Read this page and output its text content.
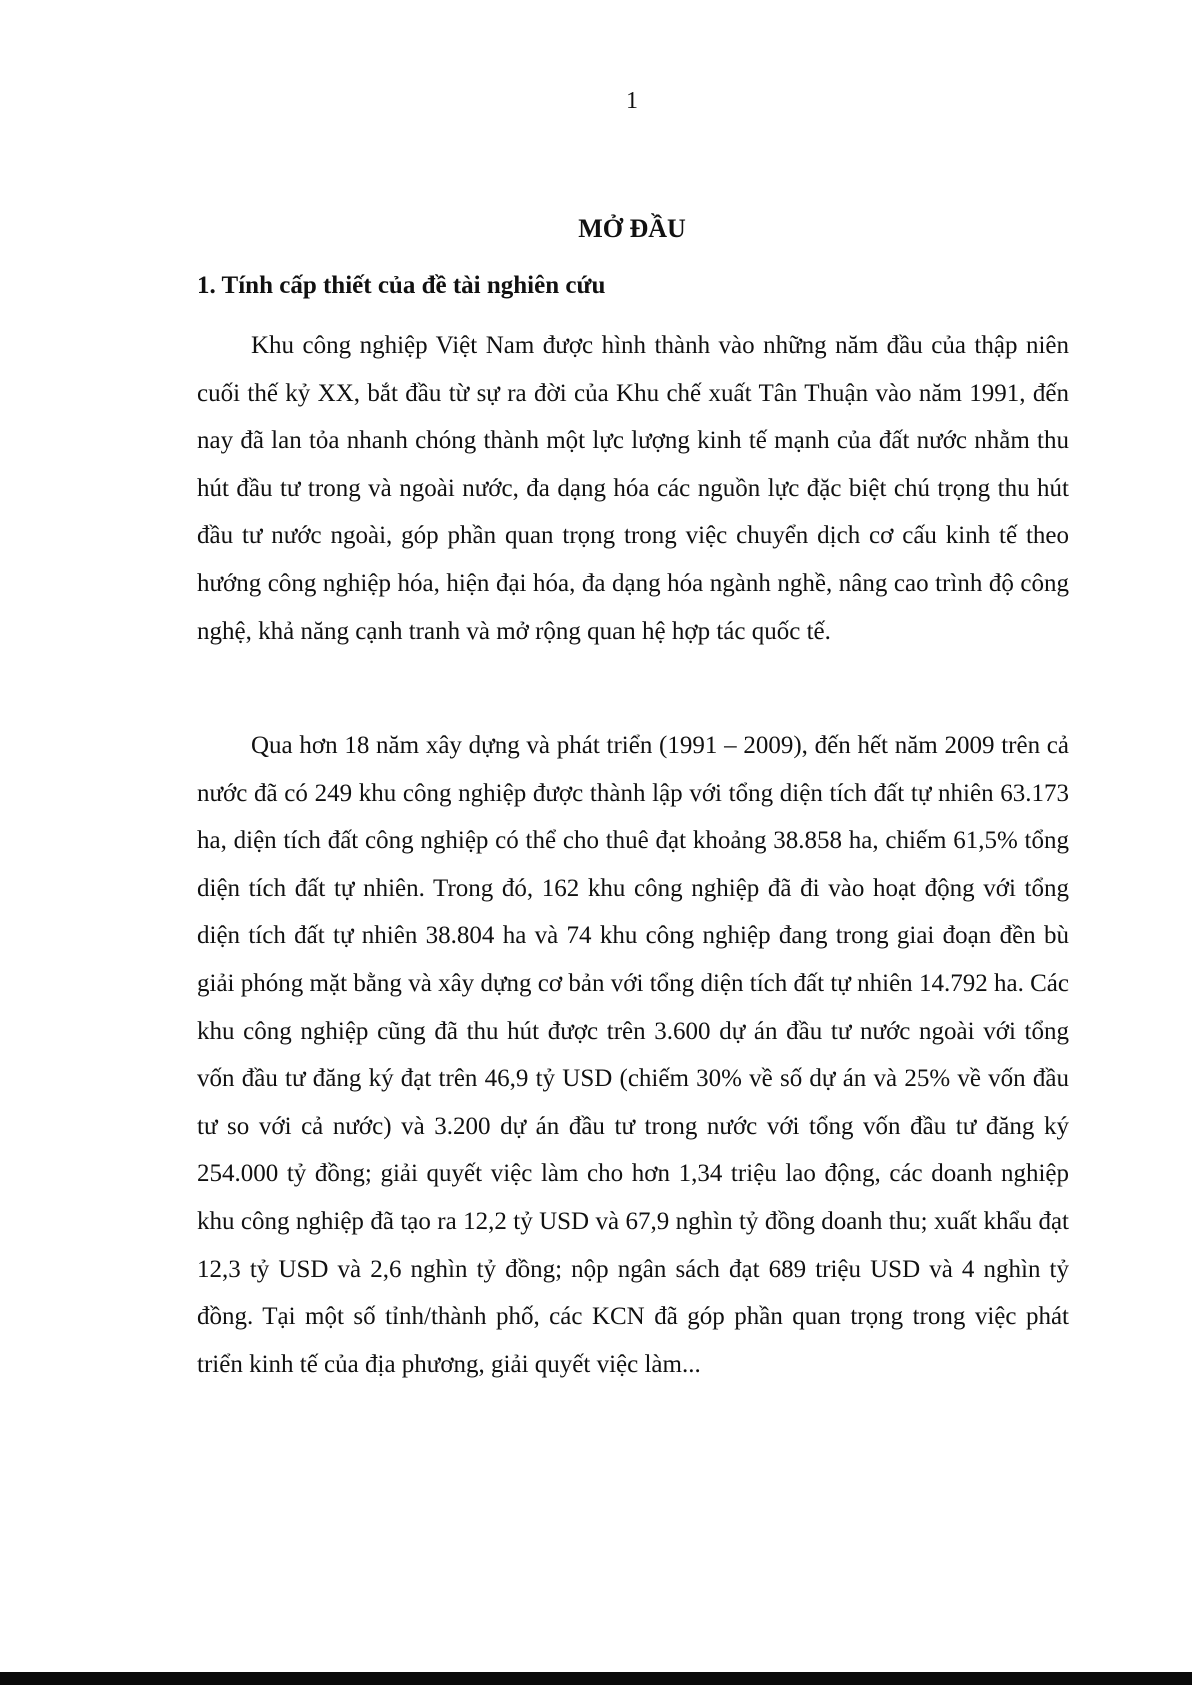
1
MỞ ĐẦU
1. Tính cấp thiết của đề tài nghiên cứu

Khu công nghiệp Việt Nam được hình thành vào những năm đầu của thập niên cuối thế kỷ XX, bắt đầu từ sự ra đời của Khu chế xuất Tân Thuận vào năm 1991, đến nay đã lan tỏa nhanh chóng thành một lực lượng kinh tế mạnh của đất nước nhằm thu hút đầu tư trong và ngoài nước, đa dạng hóa các nguồn lực đặc biệt chú trọng thu hút đầu tư nước ngoài, góp phần quan trọng trong việc chuyển dịch cơ cấu kinh tế theo hướng công nghiệp hóa, hiện đại hóa, đa dạng hóa ngành nghề, nâng cao trình độ công nghệ, khả năng cạnh tranh và mở rộng quan hệ hợp tác quốc tế.

Qua hơn 18 năm xây dựng và phát triển (1991 – 2009), đến hết năm 2009 trên cả nước đã có 249 khu công nghiệp được thành lập với tổng diện tích đất tự nhiên 63.173 ha, diện tích đất công nghiệp có thể cho thuê đạt khoảng 38.858 ha, chiếm 61,5% tổng diện tích đất tự nhiên. Trong đó, 162 khu công nghiệp đã đi vào hoạt động với tổng diện tích đất tự nhiên 38.804 ha và 74 khu công nghiệp đang trong giai đoạn đền bù giải phóng mặt bằng và xây dựng cơ bản với tổng diện tích đất tự nhiên 14.792 ha. Các khu công nghiệp cũng đã thu hút được trên 3.600 dự án đầu tư nước ngoài với tổng vốn đầu tư đăng ký đạt trên 46,9 tỷ USD (chiếm 30% về số dự án và 25% về vốn đầu tư so với cả nước) và 3.200 dự án đầu tư trong nước với tổng vốn đầu tư đăng ký 254.000 tỷ đồng; giải quyết việc làm cho hơn 1,34 triệu lao động, các doanh nghiệp khu công nghiệp đã tạo ra 12,2 tỷ USD và 67,9 nghìn tỷ đồng doanh thu; xuất khẩu đạt 12,3 tỷ USD và 2,6 nghìn tỷ đồng; nộp ngân sách đạt 689 triệu USD và 4 nghìn tỷ đồng. Tại một số tỉnh/thành phố, các KCN đã góp phần quan trọng trong việc phát triển kinh tế của địa phương, giải quyết việc làm...
